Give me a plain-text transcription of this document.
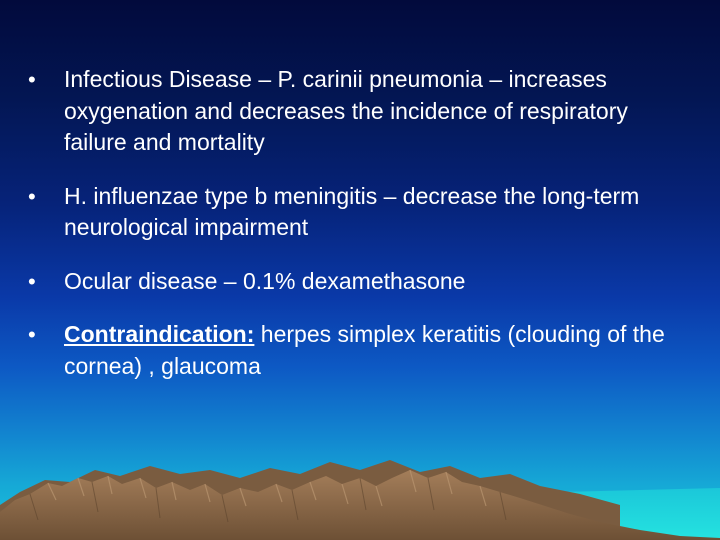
•	Infectious Disease – P. carinii pneumonia – increases oxygenation and decreases the incidence of respiratory failure and mortality
•	H. influenzae type b meningitis – decrease the long-term neurological impairment
•	Ocular disease – 0.1% dexamethasone
•	Contraindication: herpes simplex keratitis (clouding of the cornea) , glaucoma
